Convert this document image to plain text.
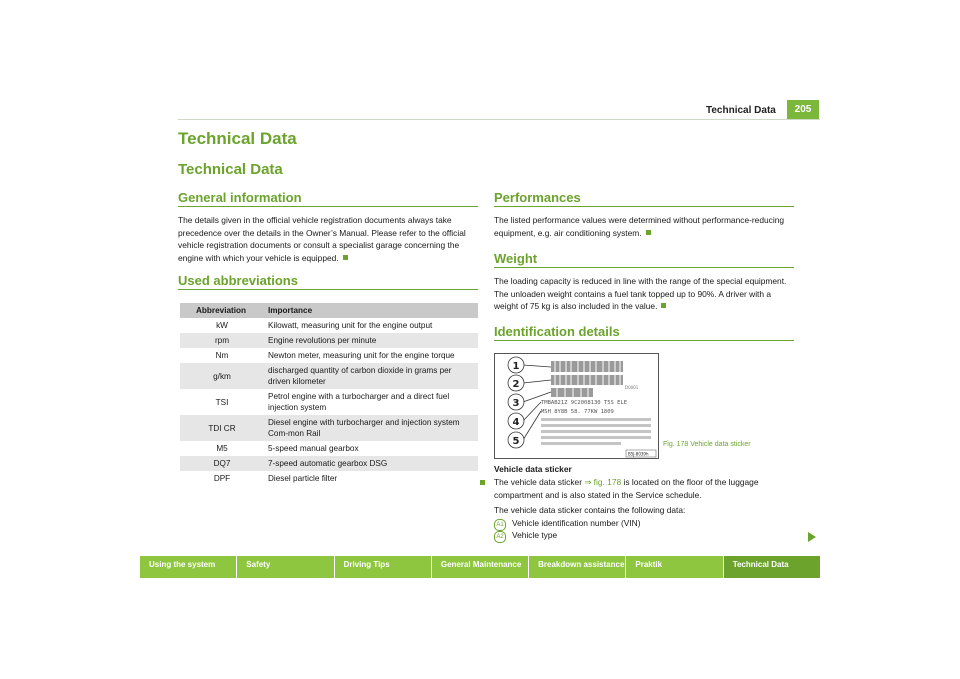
Technical Data	205
Technical Data
Technical Data
General information
The details given in the official vehicle registration documents always take precedence over the details in the Owner’s Manual. Please refer to the official vehicle registration documents or consult a specialist garage concerning the engine with which your vehicle is equipped.
Used abbreviations
Abbreviation	Importance
kW	Kilowatt, measuring unit for the engine output
rpm	Engine revolutions per minute
Nm	Newton meter, measuring unit for the engine torque
g/km	discharged quantity of carbon dioxide in grams per driven kilometer
TSI	Petrol engine with a turbocharger and a direct fuel injection system
TDI CR	Diesel engine with turbocharger and injection system Com-mon Rail
M5	5-speed manual gearbox
DQ7	7-speed automatic gearbox DSG
DPF	Diesel particle filter
Performances
The listed performance values were determined without performance-reducing equipment, e.g. air conditioning system.
Weight
The loading capacity is reduced in line with the range of the special equipment. The unloaden weight contains a fuel tank topped up to 90%. A driver with a weight of 75 kg is also included in the value.
Identification details
D0001
TMBAB21Z 9C2008130 T5S ELE
MSH 8Y8B 58. 77KW 1809
1
2
3
4
5
B5J-8039h
Fig. 178 Vehicle data sticker
Vehicle data sticker
The vehicle data sticker ⇒ fig. 178 is located on the floor of the luggage compartment and is also stated in the Service schedule.
The vehicle data sticker contains the following data:
A1 Vehicle identification number (VIN)
A2 Vehicle type
Using the system	Safety	Driving Tips	General Maintenance	Breakdown assistance	Praktik	Technical Data
